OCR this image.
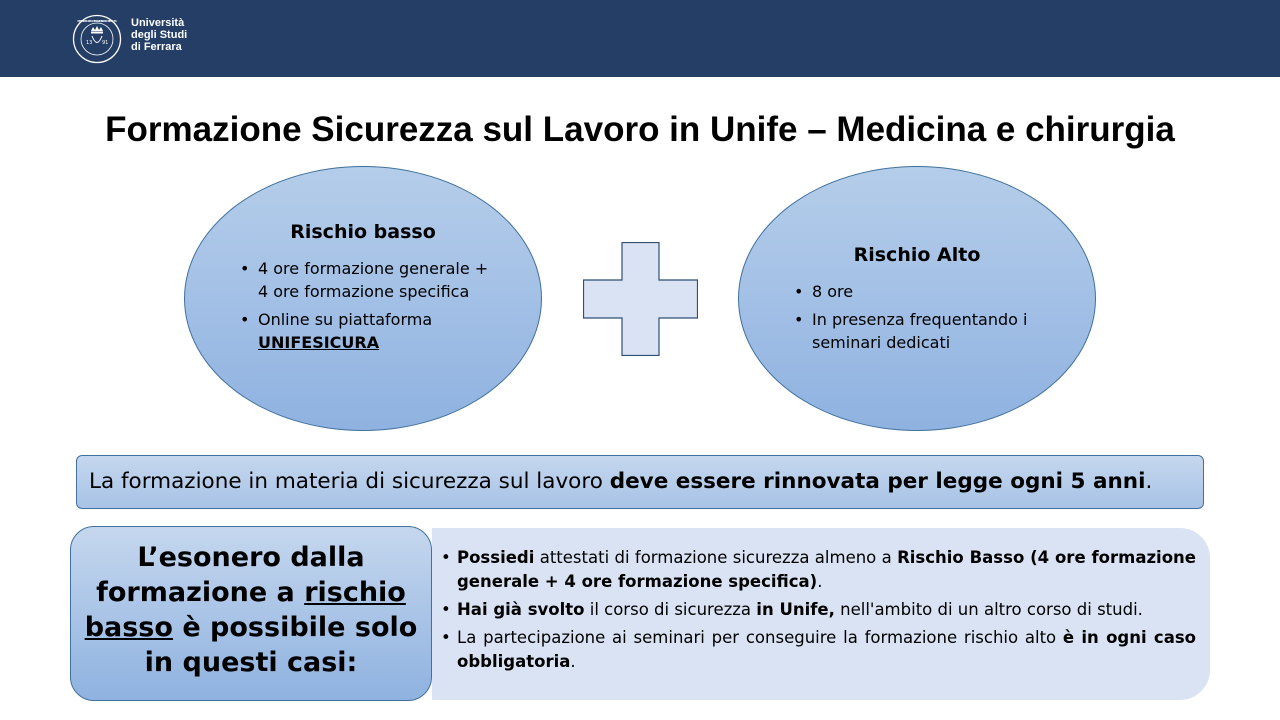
13 91
UNIVERSITAS STUDIORUM FERRARIENSIS · DE AMORE FRUCTUS Università
degli Studi
di Ferrara
Formazione Sicurezza sul Lavoro in Unife – Medicina e chirurgia
Rischio basso
• 4 ore formazione generale + 4 ore formazione specifica
• Online su piattaforma UNIFESICURA
Rischio Alto
• 8 ore
• In presenza frequentando i seminari dedicati
La formazione in materia di sicurezza sul lavoro deve essere rinnovata per legge ogni 5 anni.
• Possiedi attestati di formazione sicurezza almeno a Rischio Basso (4 ore formazione generale + 4 ore formazione specifica).
• Hai già svolto il corso di sicurezza in Unife, nell'ambito di un altro corso di studi.
• La partecipazione ai seminari per conseguire la formazione rischio alto è in ogni caso obbligatoria.
L’esonero dalla formazione a rischio basso è possibile solo in questi casi:
